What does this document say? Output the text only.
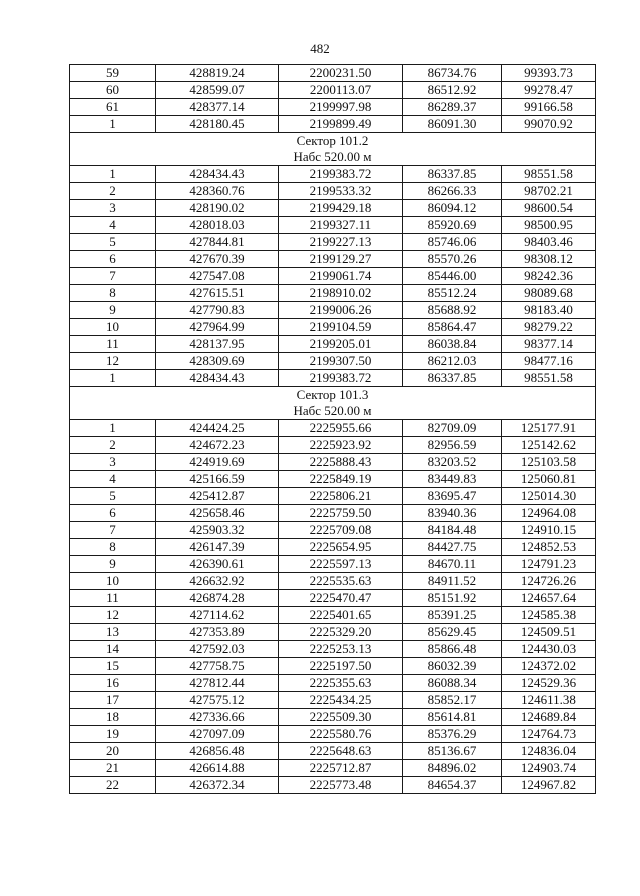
482
59	428819.24	2200231.50	86734.76	99393.73
60	428599.07	2200113.07	86512.92	99278.47
61	428377.14	2199997.98	86289.37	99166.58
1	428180.45	2199899.49	86091.30	99070.92

Сектор 101.2
Набс 520.00 м				

1	428434.43	2199383.72	86337.85	98551.58
2	428360.76	2199533.32	86266.33	98702.21
3	428190.02	2199429.18	86094.12	98600.54
4	428018.03	2199327.11	85920.69	98500.95
5	427844.81	2199227.13	85746.06	98403.46
6	427670.39	2199129.27	85570.26	98308.12
7	427547.08	2199061.74	85446.00	98242.36
8	427615.51	2198910.02	85512.24	98089.68
9	427790.83	2199006.26	85688.92	98183.40
10	427964.99	2199104.59	85864.47	98279.22
11	428137.95	2199205.01	86038.84	98377.14
12	428309.69	2199307.50	86212.03	98477.16
1	428434.43	2199383.72	86337.85	98551.58

Сектор 101.3
Набс 520.00 м				

1	424424.25	2225955.66	82709.09	125177.91
2	424672.23	2225923.92	82956.59	125142.62
3	424919.69	2225888.43	83203.52	125103.58
4	425166.59	2225849.19	83449.83	125060.81
5	425412.87	2225806.21	83695.47	125014.30
6	425658.46	2225759.50	83940.36	124964.08
7	425903.32	2225709.08	84184.48	124910.15
8	426147.39	2225654.95	84427.75	124852.53
9	426390.61	2225597.13	84670.11	124791.23
10	426632.92	2225535.63	84911.52	124726.26
11	426874.28	2225470.47	85151.92	124657.64
12	427114.62	2225401.65	85391.25	124585.38
13	427353.89	2225329.20	85629.45	124509.51
14	427592.03	2225253.13	85866.48	124430.03
15	427758.75	2225197.50	86032.39	124372.02
16	427812.44	2225355.63	86088.34	124529.36
17	427575.12	2225434.25	85852.17	124611.38
18	427336.66	2225509.30	85614.81	124689.84
19	427097.09	2225580.76	85376.29	124764.73
20	426856.48	2225648.63	85136.67	124836.04
21	426614.88	2225712.87	84896.02	124903.74
22	426372.34	2225773.48	84654.37	124967.82
